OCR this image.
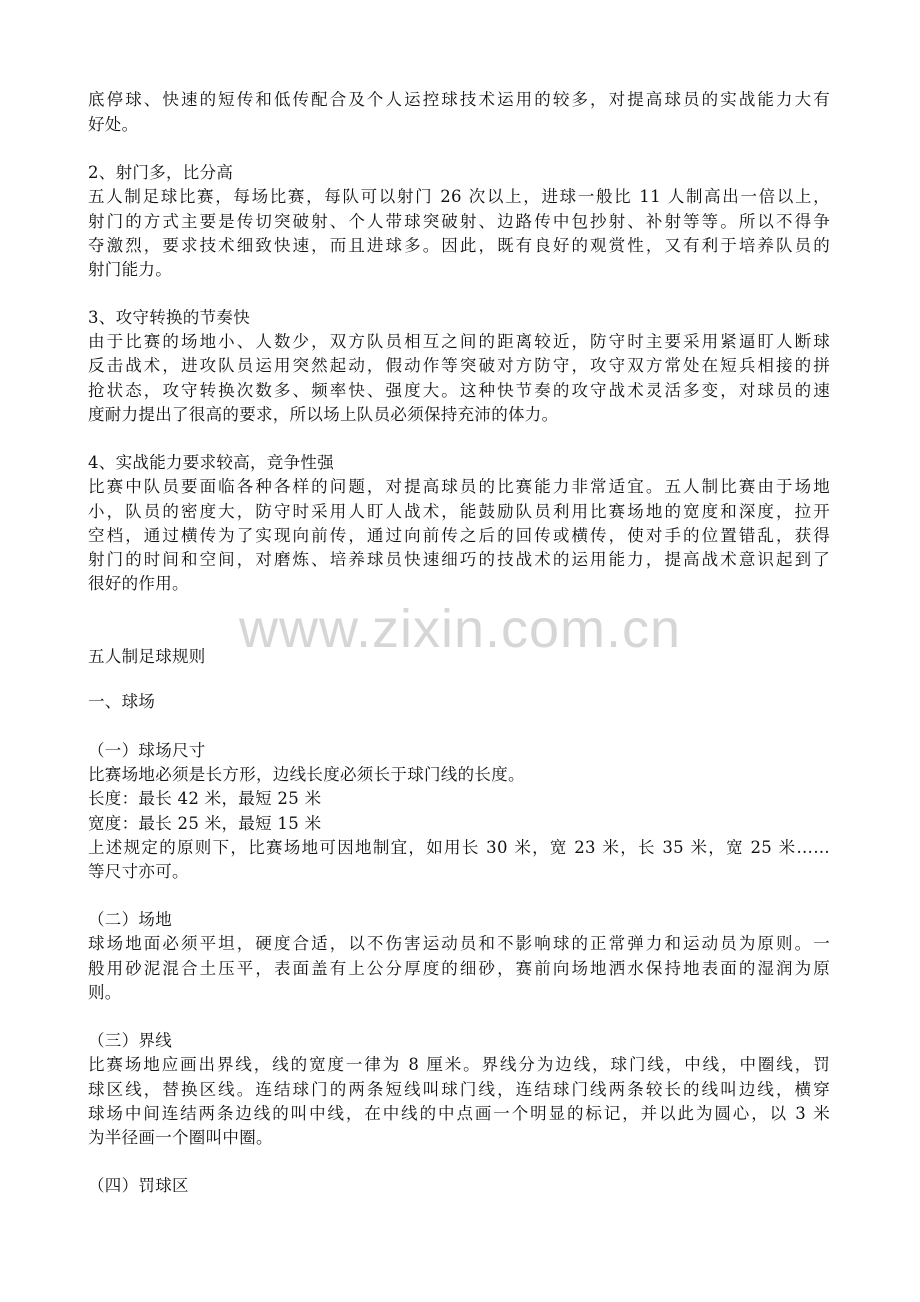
底停球、快速的短传和低传配合及个人运控球技术运用的较多，对提高球员的实战能力大有
好处。
2、射门多，比分高
五人制足球比赛，每场比赛，每队可以射门 26 次以上，进球一般比 11 人制高出一倍以上，
射门的方式主要是传切突破射、个人带球突破射、边路传中包抄射、补射等等。所以不得争
夺激烈，要求技术细致快速，而且进球多。因此，既有良好的观赏性，又有利于培养队员的
射门能力。
3、攻守转换的节奏快
由于比赛的场地小、人数少，双方队员相互之间的距离较近，防守时主要采用紧逼盯人断球
反击战术，进攻队员运用突然起动，假动作等突破对方防守，攻守双方常处在短兵相接的拼
抢状态，攻守转换次数多、频率快、强度大。这种快节奏的攻守战术灵活多变，对球员的速
度耐力提出了很高的要求，所以场上队员必须保持充沛的体力。
4、实战能力要求较高，竞争性强
比赛中队员要面临各种各样的问题，对提高球员的比赛能力非常适宜。五人制比赛由于场地
小，队员的密度大，防守时采用人盯人战术，能鼓励队员利用比赛场地的宽度和深度，拉开
空档，通过横传为了实现向前传，通过向前传之后的回传或横传，使对手的位置错乱，获得
射门的时间和空间，对磨炼、培养球员快速细巧的技战术的运用能力，提高战术意识起到了
很好的作用。
五人制足球规则
一、球场
（一）球场尺寸
比赛场地必须是长方形，边线长度必须长于球门线的长度。
长度：最长 42 米，最短 25 米
宽度：最长 25 米，最短 15 米
上述规定的原则下，比赛场地可因地制宜，如用长 30 米，宽 23 米，长 35 米，宽 25 米……
等尺寸亦可。
（二）场地
球场地面必须平坦，硬度合适，以不伤害运动员和不影响球的正常弹力和运动员为原则。一
般用砂泥混合土压平，表面盖有上公分厚度的细砂，赛前向场地洒水保持地表面的湿润为原
则。
（三）界线
比赛场地应画出界线，线的宽度一律为 8 厘米。界线分为边线，球门线，中线，中圈线，罚
球区线，替换区线。连结球门的两条短线叫球门线，连结球门线两条较长的线叫边线，横穿
球场中间连结两条边线的叫中线，在中线的中点画一个明显的标记，并以此为圆心，以 3 米
为半径画一个圈叫中圈。
（四）罚球区
www.zixin.com.cn
